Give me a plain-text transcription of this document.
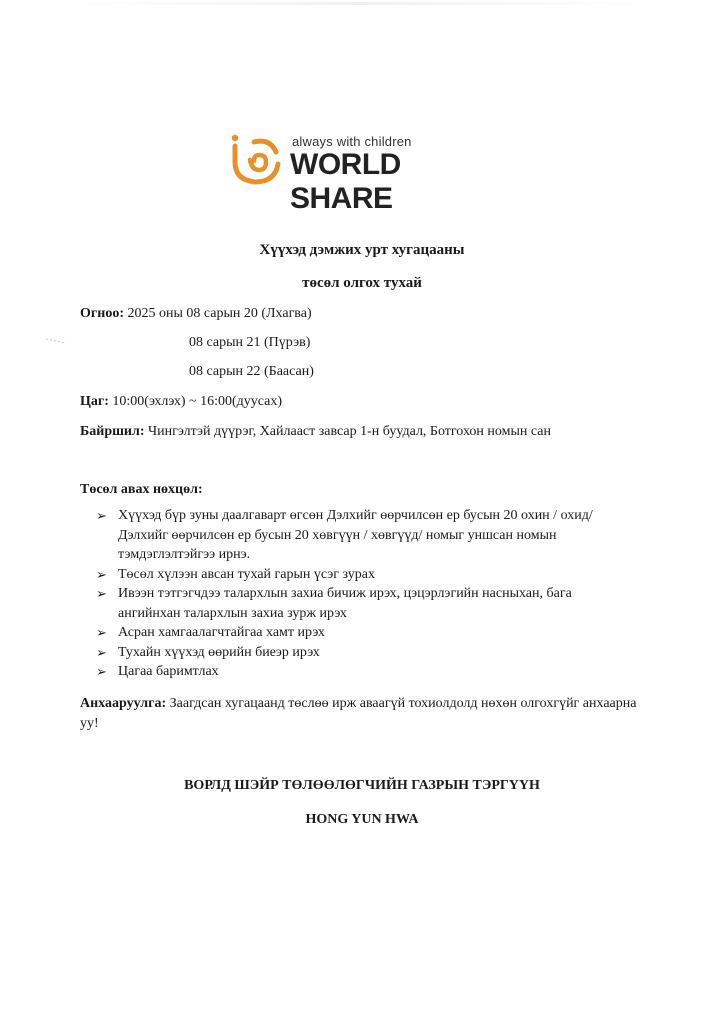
always with children
WORLD SHARE
Хүүхэд дэмжих урт хугацааны
төсөл олгох тухай
Огноо: 2025 оны 08 сарын 20 (Лхагва)
08 сарын 21 (Пүрэв)
08 сарын 22 (Баасан)
Цаг: 10:00(эхлэх) ~ 16:00(дуусах)
Байршил: Чингэлтэй дүүрэг, Хайлааст завсар 1-н буудал, Ботгохон номын сан
Төсөл авах нөхцөл:
➢ Хүүхэд бүр зуны даалгаварт өгсөн Дэлхийг өөрчилсөн ер бусын 20 охин / охид/ Дэлхийг өөрчилсөн ер бусын 20 хөвгүүн / хөвгүүд/ номыг уншсан номын тэмдэглэлтэйгээ ирнэ.
➢ Төсөл хүлээн авсан тухай гарын үсэг зурах
➢ Ивээн тэтгэгчдээ талархлын захиа бичиж ирэх, цэцэрлэгийн насныхан, бага ангийнхан талархлын захиа зурж ирэх
➢ Асран хамгаалагчтайгаа хамт ирэх
➢ Тухайн хүүхэд өөрийн биеэр ирэх
➢ Цагаа баримтлах
Анхааруулга: Заагдсан хугацаанд төслөө ирж аваагүй тохиолдолд нөхөн олгохгүйг анхаарна уу!
ВОРЛД ШЭЙР ТӨЛӨӨЛӨГЧИЙН ГАЗРЫН ТЭРГҮҮН
HONG YUN HWA
